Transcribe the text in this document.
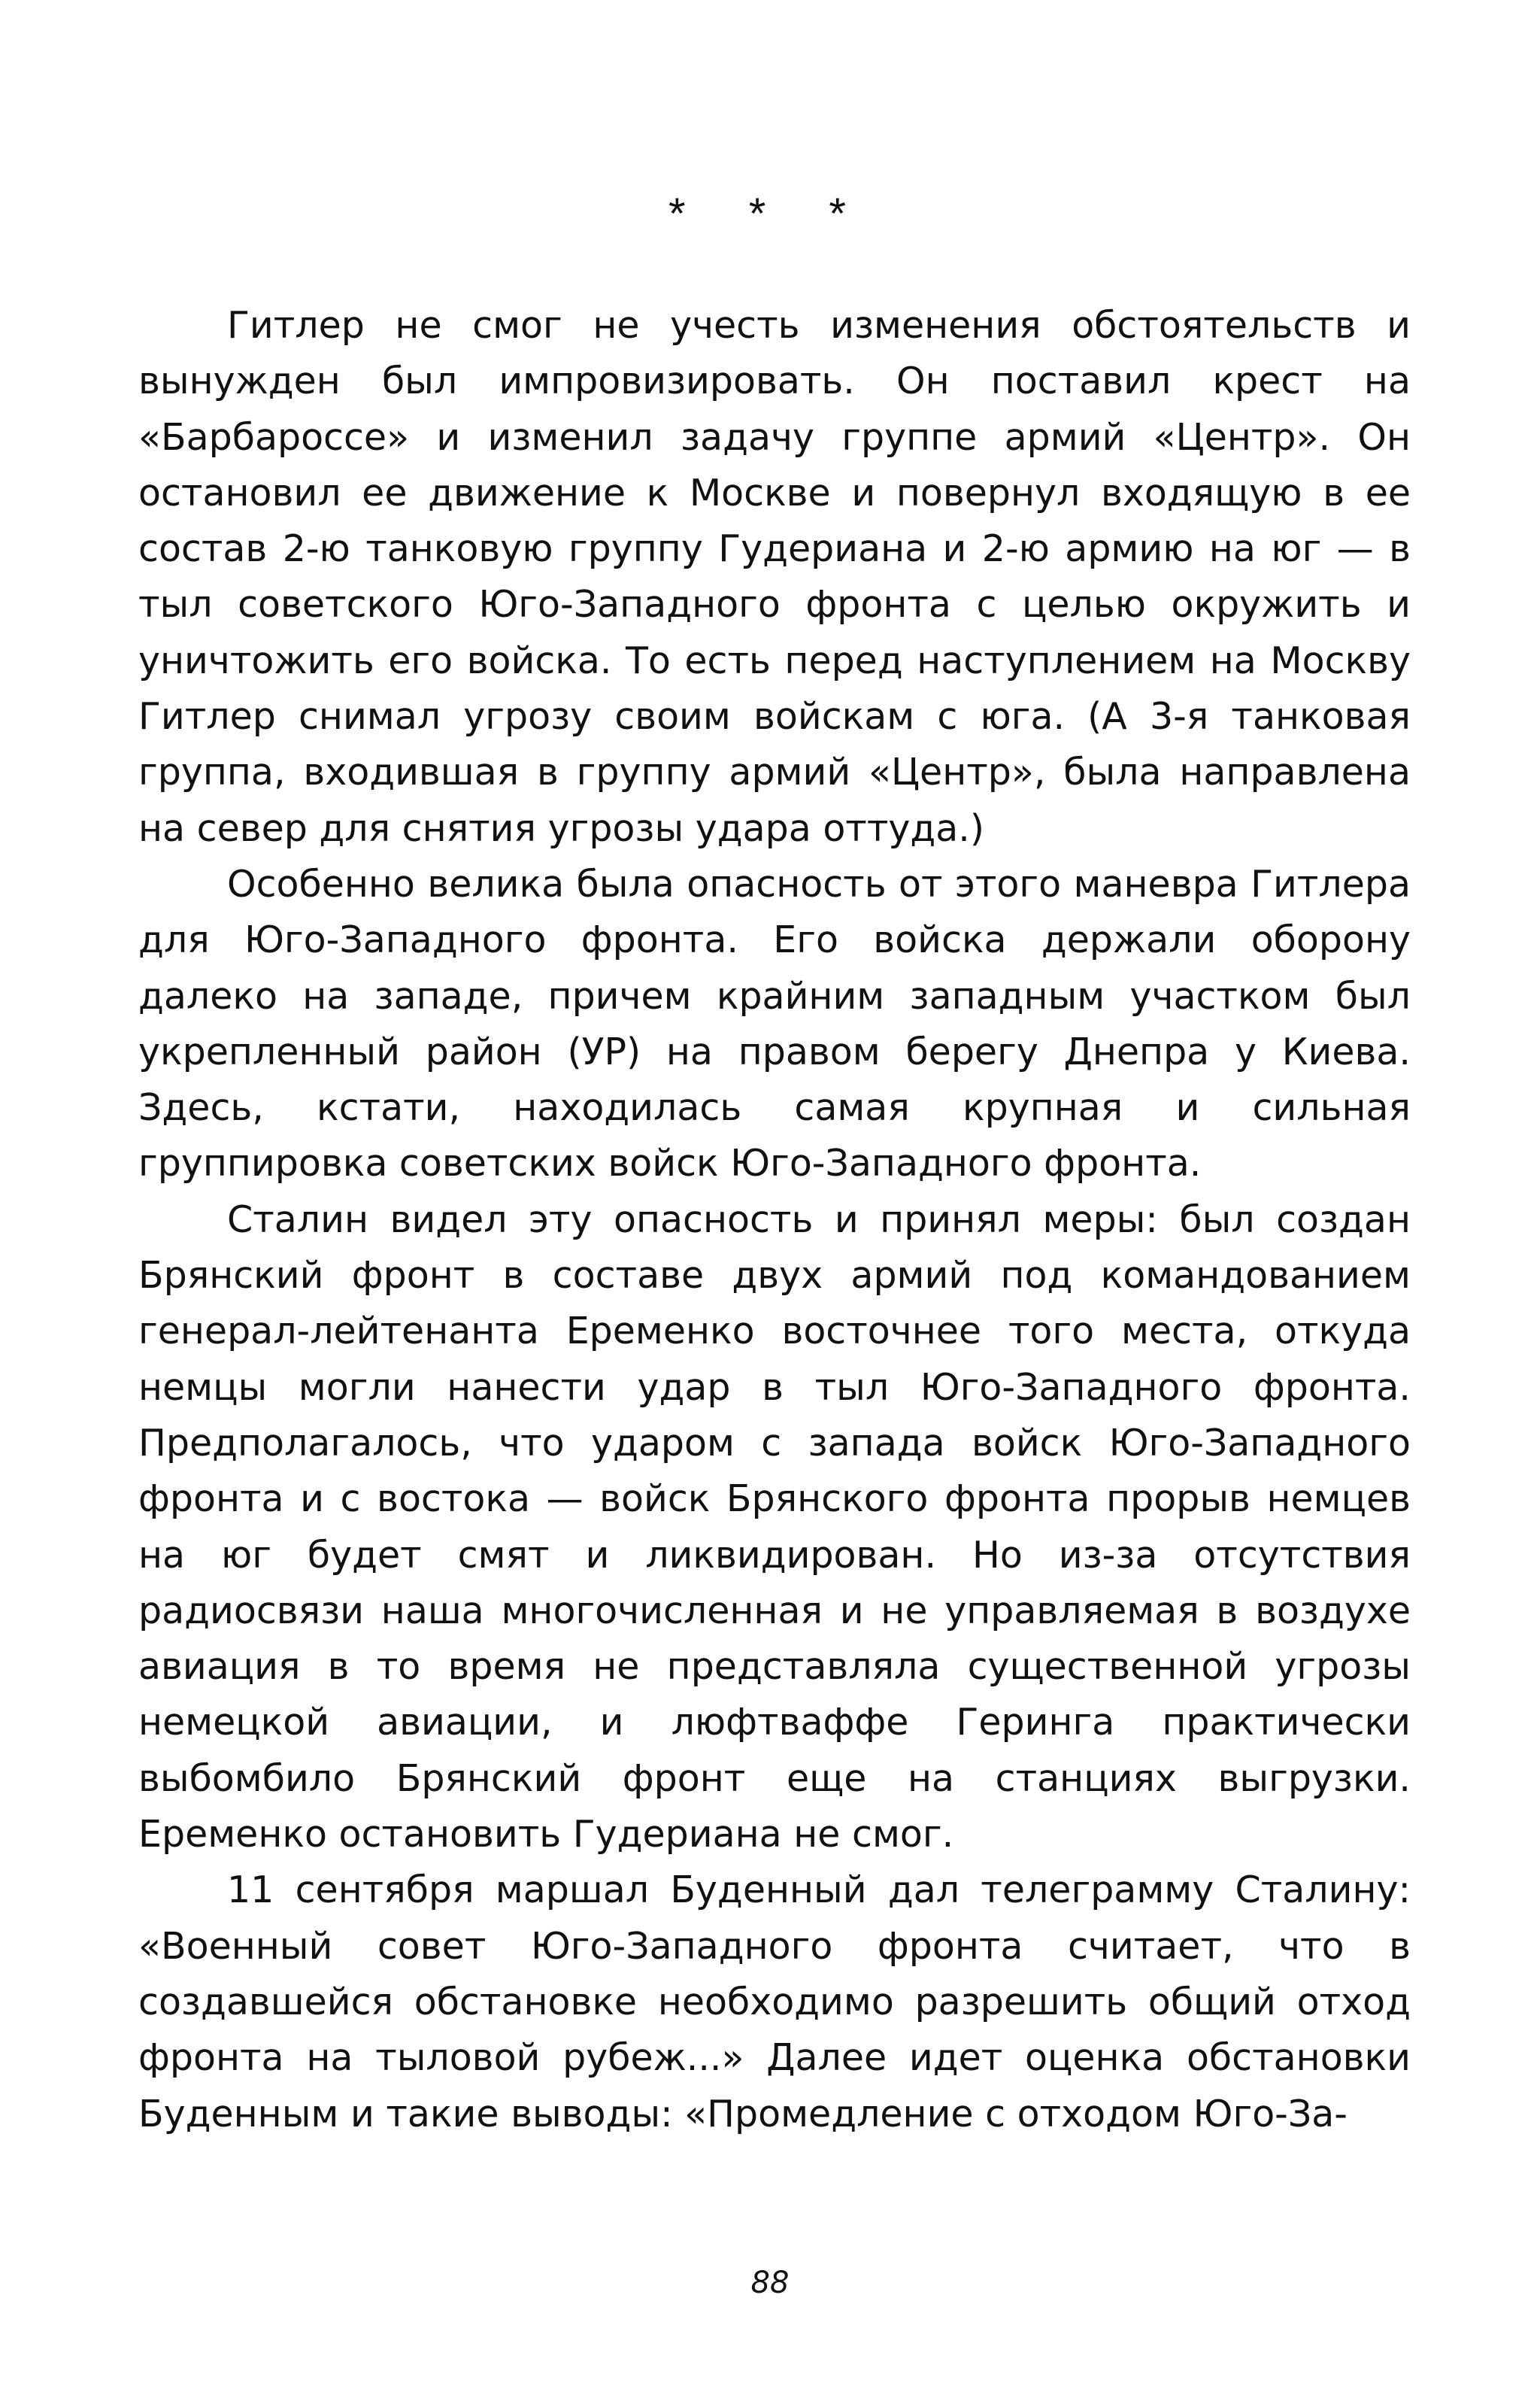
* * *

Гитлер не смог не учесть изменения обстоятельств и вынужден был импровизировать. Он поставил крест на «Барбароссе» и изменил задачу группе армий «Центр». Он остановил ее движение к Москве и повернул входящую в ее состав 2-ю танковую группу Гудериана и 2-ю армию на юг — в тыл советского Юго-Западного фронта с целью окружить и уничтожить его войска. То есть перед наступлением на Москву Гитлер снимал угрозу своим войскам с юга. (А 3-я танковая группа, входившая в группу армий «Центр», была направлена на север для снятия угрозы удара оттуда.)

Особенно велика была опасность от этого маневра Гитлера для Юго-Западного фронта. Его войска держали оборону далеко на западе, причем крайним западным участком был укрепленный район (УР) на правом берегу Днепра у Киева. Здесь, кстати, находилась самая крупная и сильная группировка советских войск Юго-Западного фронта.

Сталин видел эту опасность и принял меры: был создан Брянский фронт в составе двух армий под командованием генерал-лейтенанта Еременко восточнее того места, откуда немцы могли нанести удар в тыл Юго-Западного фронта. Предполагалось, что ударом с запада войск Юго-Западного фронта и с востока — войск Брянского фронта прорыв немцев на юг будет смят и ликвидирован. Но из-за отсутствия радиосвязи наша многочисленная и не управляемая в воздухе авиация в то время не представляла существенной угрозы немецкой авиации, и люфтваффе Геринга практически выбомбило Брянский фронт еще на станциях выгрузки. Еременко остановить Гудериана не смог.

11 сентября маршал Буденный дал телеграмму Сталину: «Военный совет Юго-Западного фронта считает, что в создавшейся обстановке необходимо разрешить общий отход фронта на тыловой рубеж...» Далее идет оценка обстановки Буденным и такие выводы: «Промедление с отходом Юго-За-

88
